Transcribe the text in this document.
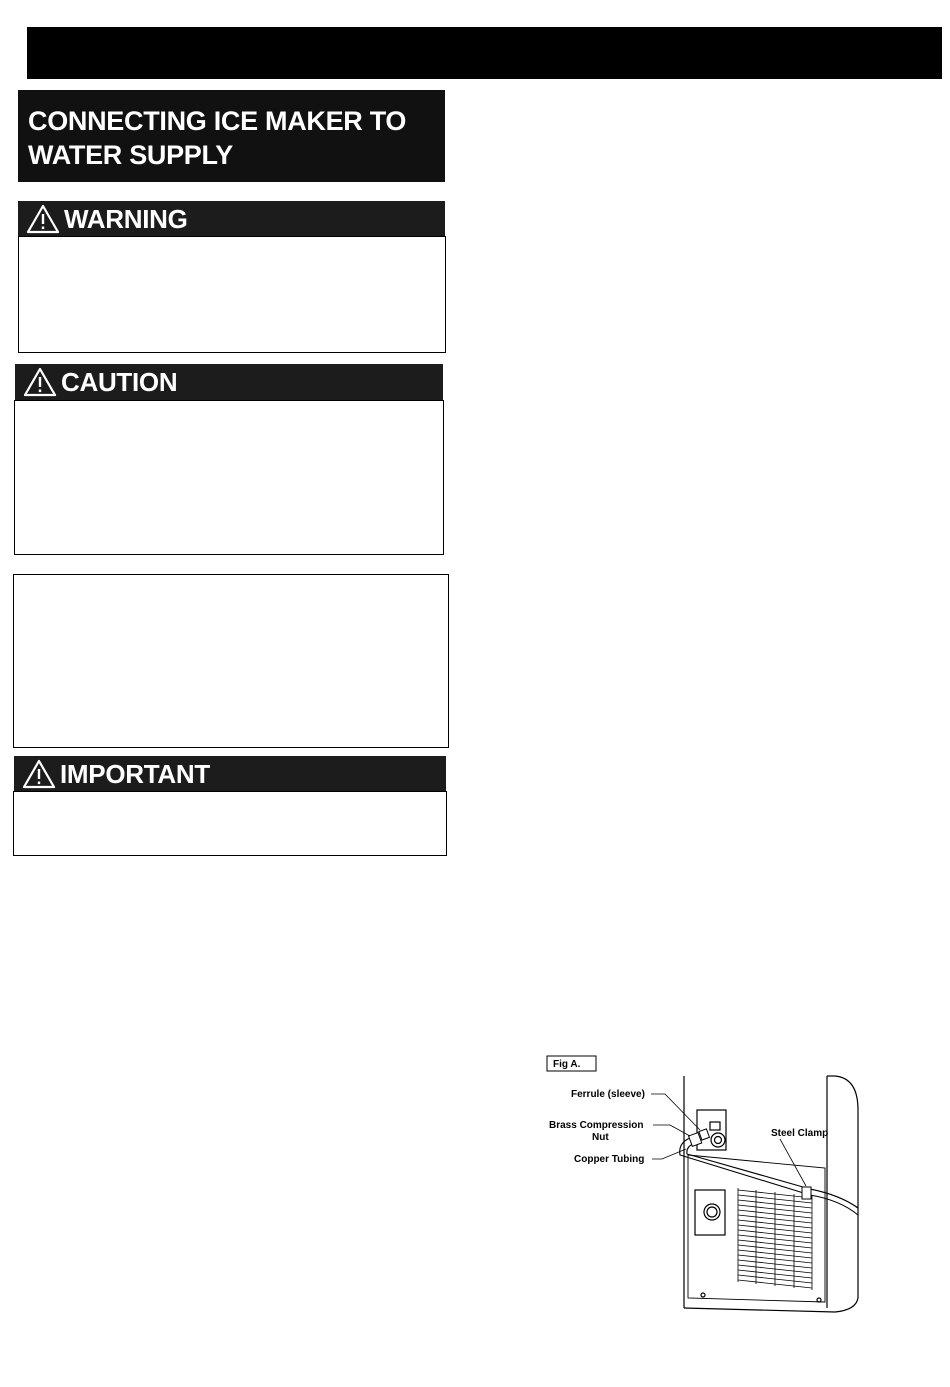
CONNECTING ICE MAKER TO
WATER SUPPLY
WARNING
CAUTION
IMPORTANT
Fig A.
Ferrule (sleeve)
Brass Compression
Nut
Copper Tubing
Steel Clamp
